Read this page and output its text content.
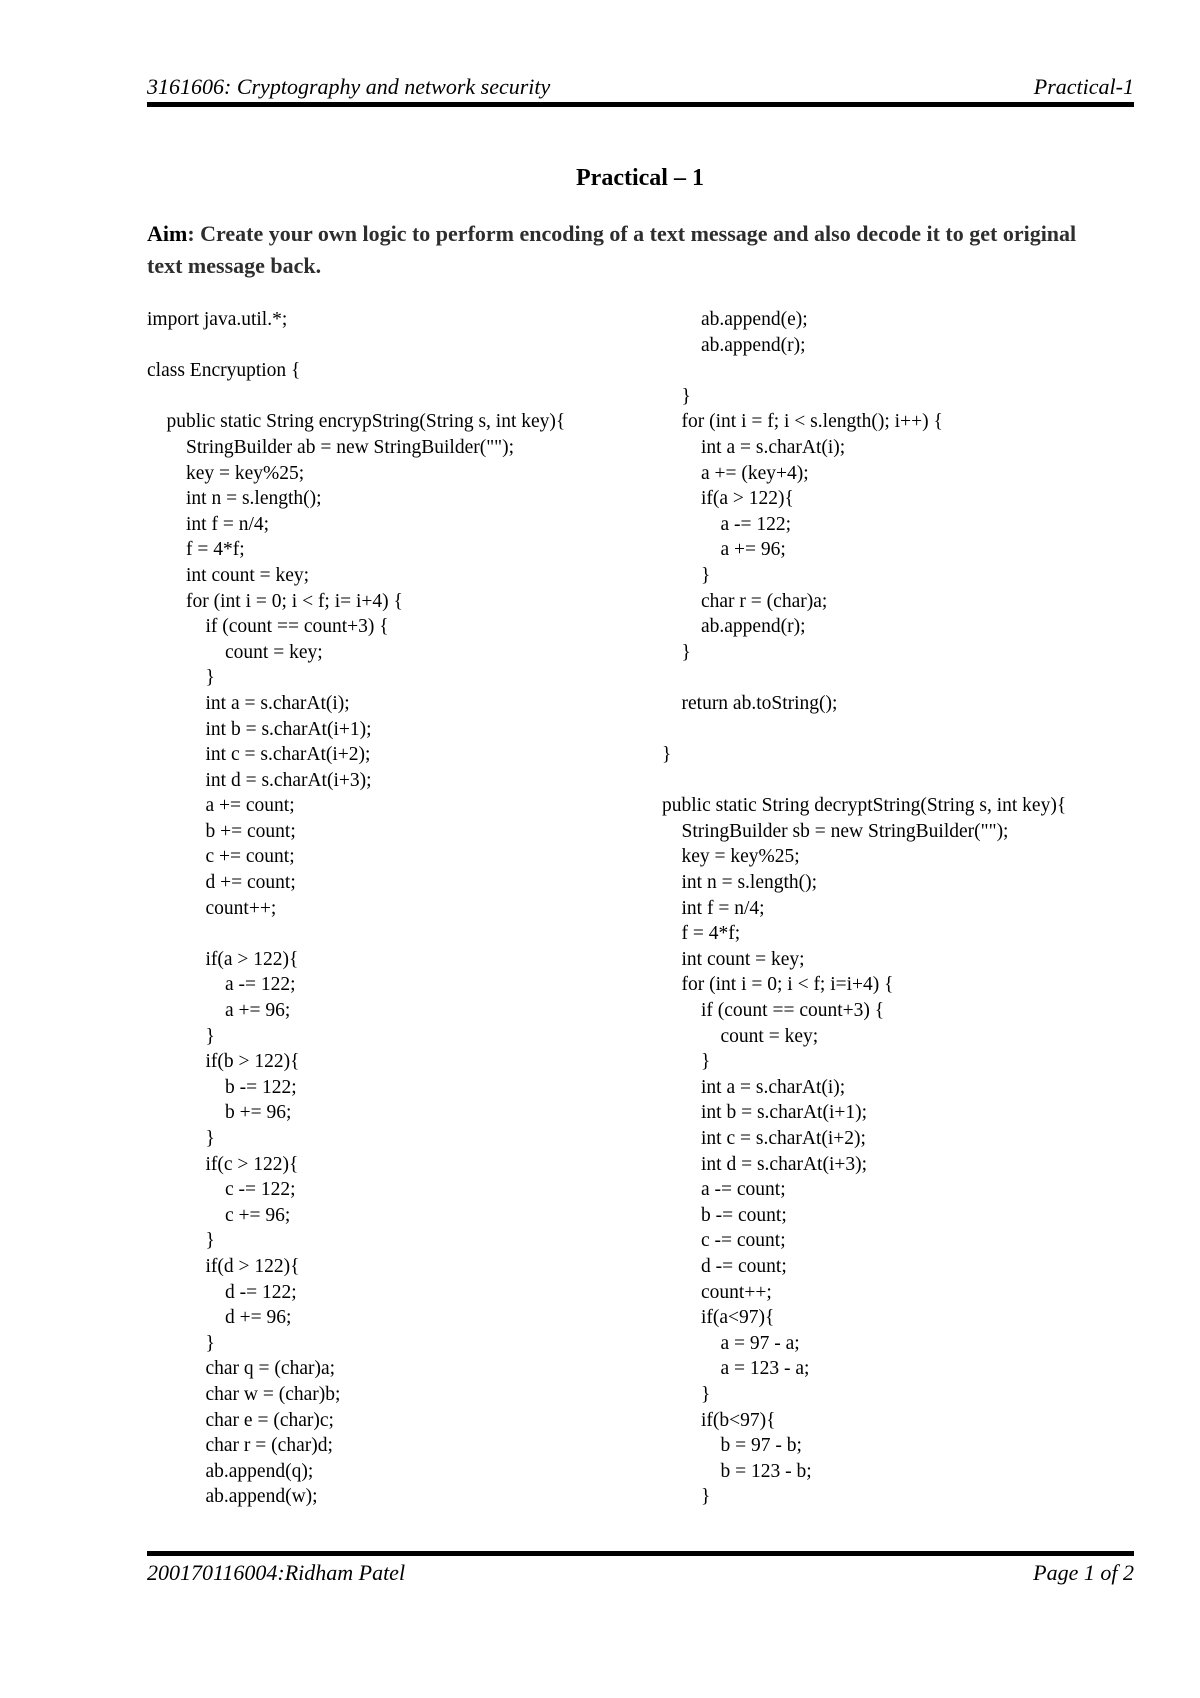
3161606: Cryptography and network security	Practical-1
Practical – 1
Aim: Create your own logic to perform encoding of a text message and also decode it to get original text message back.
import java.util.*;

class Encryuption {

public static String encrypString(String s, int key){
StringBuilder ab = new StringBuilder("");
key = key%25;
int n = s.length();
int f = n/4;
f = 4*f;
int count = key;
for (int i = 0; i < f; i= i+4) {
if (count == count+3) {
count = key;
}
int a = s.charAt(i);
int b = s.charAt(i+1);
int c = s.charAt(i+2);
int d = s.charAt(i+3);
a += count;
b += count;
c += count;
d += count;
count++;

if(a > 122){
a -= 122;
a += 96;
}
if(b > 122){
b -= 122;
b += 96;
}
if(c > 122){
c -= 122;
c += 96;
}
if(d > 122){
d -= 122;
d += 96;
}
char q = (char)a;
char w = (char)b;
char e = (char)c;
char r = (char)d;
ab.append(q);
ab.append(w);
ab.append(e);
ab.append(r);

}
for (int i = f; i < s.length(); i++) {
int a = s.charAt(i);
a += (key+4);
if(a > 122){
a -= 122;
a += 96;
}
char r = (char)a;
ab.append(r);
}

return ab.toString();

}

public static String decryptString(String s, int key){
StringBuilder sb = new StringBuilder("");
key = key%25;
int n = s.length();
int f = n/4;
f = 4*f;
int count = key;
for (int i = 0; i < f; i=i+4) {
if (count == count+3) {
count = key;
}
int a = s.charAt(i);
int b = s.charAt(i+1);
int c = s.charAt(i+2);
int d = s.charAt(i+3);
a -= count;
b -= count;
c -= count;
d -= count;
count++;
if(a<97){
a = 97 - a;
a = 123 - a;
}
if(b<97){
b = 97 - b;
b = 123 - b;
}
200170116004:Ridham Patel	Page 1 of 2
